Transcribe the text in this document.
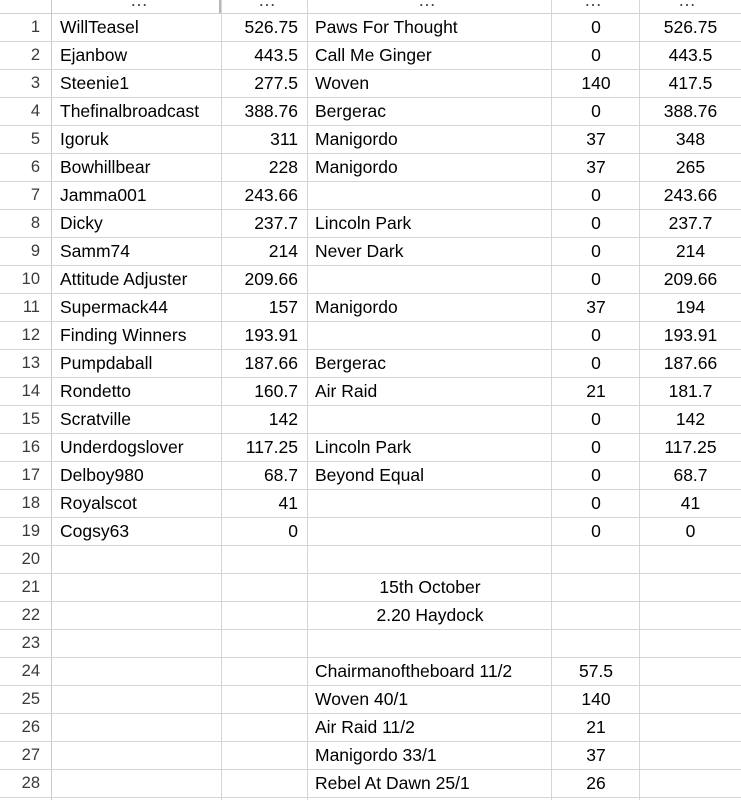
…	…	…	…	…
1	WillTeasel	526.75 Paws For Thought	0	526.75
2	Ejanbow	443.5 Call Me Ginger	0	443.5
3	Steenie1	277.5 Woven	140	417.5
4	Thefinalbroadcast	388.76 Bergerac	0	388.76
5	Igoruk	311 Manigordo	37	348
6	Bowhillbear	228 Manigordo	37	265
7	Jamma001	243.66	0	243.66
8	Dicky	237.7 Lincoln Park	0	237.7
9	Samm74	214 Never Dark	0	214
10	Attitude Adjuster	209.66	0	209.66
11	Supermack44	157 Manigordo	37	194
12	Finding Winners	193.91	0	193.91
13	Pumpdaball	187.66 Bergerac	0	187.66
14	Rondetto	160.7 Air Raid	21	181.7
15	Scratville	142	0	142
16	Underdogslover	117.25 Lincoln Park	0	117.25
17	Delboy980	68.7 Beyond Equal	0	68.7
18	Royalscot	41	0	41
19	Cogsy63	0	0	0
20
21	15th October
22	2.20 Haydock
23
24	Chairmanoftheboard 11/2	57.5
25	Woven 40/1	140
26	Air Raid 11/2	21
27	Manigordo 33/1	37
28	Rebel At Dawn 25/1	26
